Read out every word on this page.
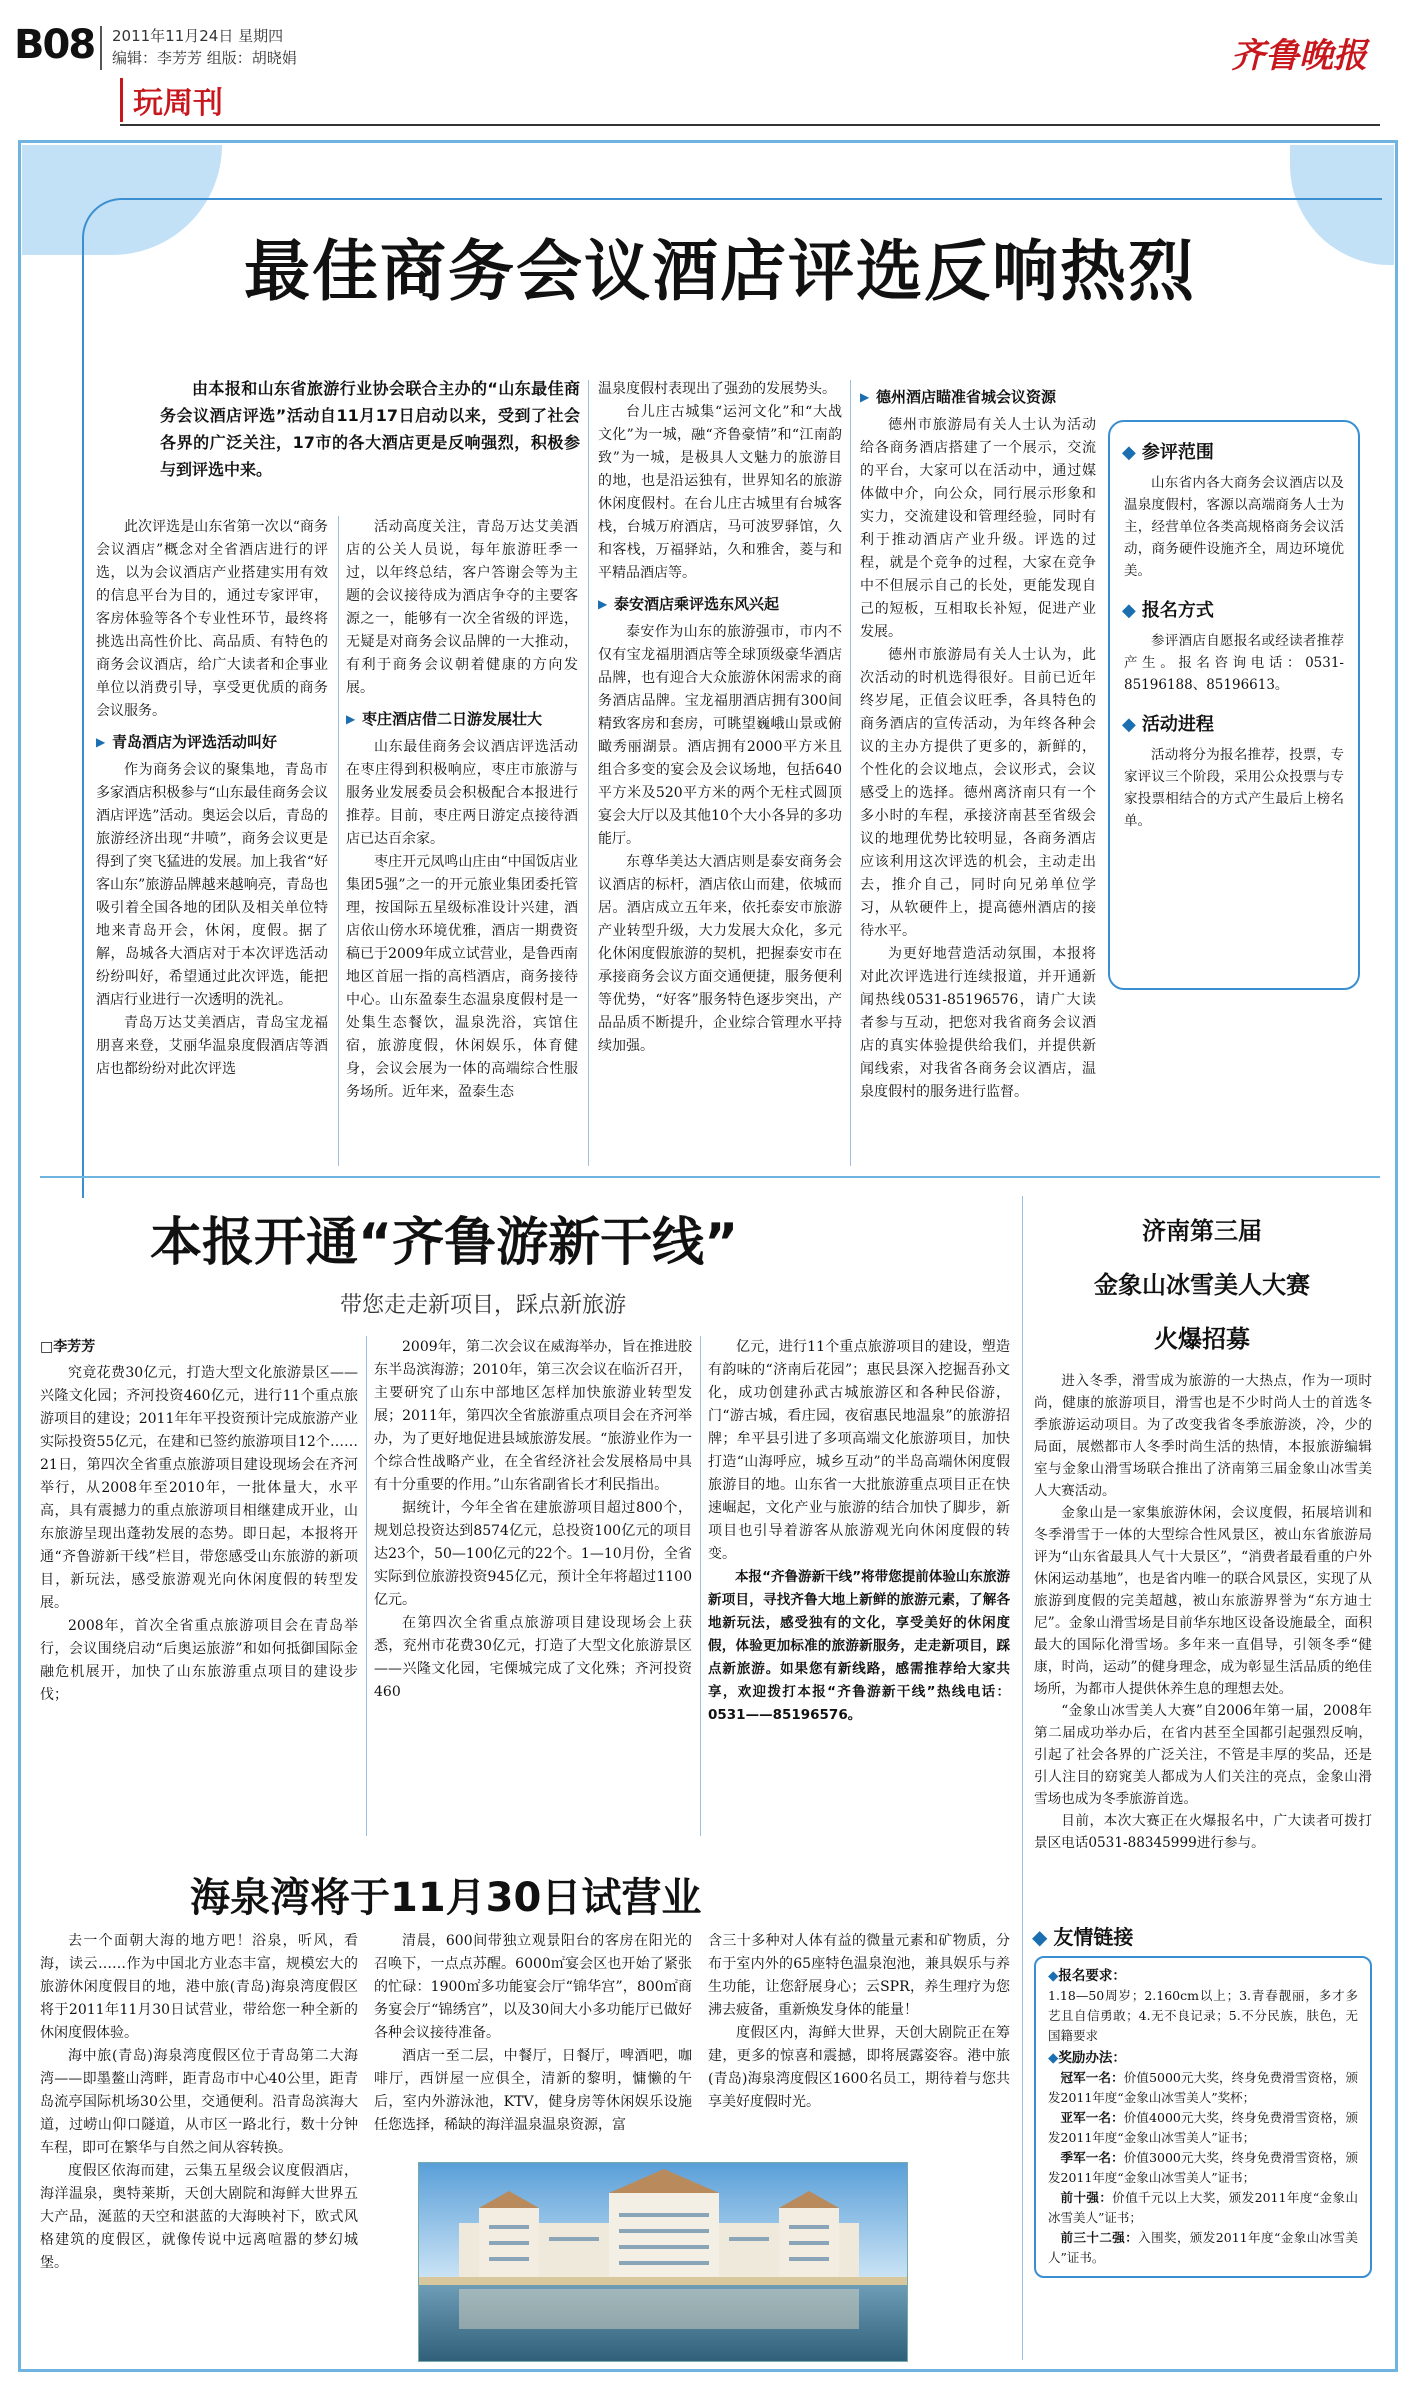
B08 2011年11月24日 星期四
编辑：李芳芳 组版：胡晓娟
玩周刊
齐鲁晚报
最佳商务会议酒店评选反响热烈

由本报和山东省旅游行业协会联合主办的“山东最佳商务会议酒店评选”活动自11月17日启动以来，受到了社会各界的广泛关注，17市的各大酒店更是反响强烈，积极参与到评选中来。

此次评选是山东省第一次以“商务会议酒店”概念对全省酒店进行的评选，以为会议酒店产业搭建实用有效的信息平台为目的，通过专家评审，客房体验等各个专业性环节，最终将挑选出高性价比、高品质、有特色的商务会议酒店，给广大读者和企事业单位以消费引导，享受更优质的商务会议服务。

▶ 青岛酒店为评选活动叫好

作为商务会议的聚集地，青岛市多家酒店积极参与“山东最佳商务会议酒店评选”活动。奥运会以后，青岛的旅游经济出现“井喷”，商务会议更是得到了突飞猛进的发展。加上我省“好客山东”旅游品牌越来越响亮，青岛也吸引着全国各地的团队及相关单位特地来青岛开会，休闲，度假。据了解，岛城各大酒店对于本次评选活动纷纷叫好，希望通过此次评选，能把酒店行业进行一次透明的洗礼。

青岛万达艾美酒店，青岛宝龙福朋喜来登，艾丽华温泉度假酒店等酒店也都纷纷对此次评选

活动高度关注，青岛万达艾美酒店的公关人员说，每年旅游旺季一过，以年终总结，客户答谢会等为主题的会议接待成为酒店争夺的主要客源之一，能够有一次全省级的评选，无疑是对商务会议品牌的一大推动，有利于商务会议朝着健康的方向发展。

▶ 枣庄酒店借二日游发展壮大

山东最佳商务会议酒店评选活动在枣庄得到积极响应，枣庄市旅游与服务业发展委员会积极配合本报进行推荐。目前，枣庄两日游定点接待酒店已达百余家。

枣庄开元凤鸣山庄由“中国饭店业集团5强”之一的开元旅业集团委托管理，按国际五星级标准设计兴建，酒店依山傍水环境优雅，酒店一期费资稿已于2009年成立试营业，是鲁西南地区首屈一指的高档酒店，商务接待中心。山东盈泰生态温泉度假村是一处集生态餐饮，温泉洗浴，宾馆住宿，旅游度假，休闲娱乐，体育健身，会议会展为一体的高端综合性服务场所。近年来，盈泰生态

温泉度假村表现出了强劲的发展势头。

台儿庄古城集“运河文化”和“大战文化”为一城，融“齐鲁豪情”和“江南韵致”为一城，是极具人文魅力的旅游目的地，也是沿运独有，世界知名的旅游休闲度假村。在台儿庄古城里有台城客栈，台城万府酒店，马可波罗驿馆，久和客栈，万福驿站，久和雅舍，菱与和平精品酒店等。

▶ 泰安酒店乘评选东风兴起

泰安作为山东的旅游强市，市内不仅有宝龙福朋酒店等全球顶级豪华酒店品牌，也有迎合大众旅游休闲需求的商务酒店品牌。宝龙福朋酒店拥有300间精致客房和套房，可眺望巍峨山景或俯瞰秀丽湖景。酒店拥有2000平方米且组合多变的宴会及会议场地，包括640平方米及520平方米的两个无柱式圆顶宴会大厅以及其他10个大小各异的多功能厅。

东尊华美达大酒店则是泰安商务会议酒店的标杆，酒店依山而建，依城而居。酒店成立五年来，依托泰安市旅游产业转型升级，大力发展大众化，多元化休闲度假旅游的契机，把握泰安市在承接商务会议方面交通便捷，服务便利等优势，“好客”服务特色逐步突出，产品品质不断提升，企业综合管理水平持续加强。

▶ 德州酒店瞄准省城会议资源

德州市旅游局有关人士认为活动给各商务酒店搭建了一个展示，交流的平台，大家可以在活动中，通过媒体做中介，向公众，同行展示形象和实力，交流建设和管理经验，同时有利于推动酒店产业升级。评选的过程，就是个竞争的过程，大家在竞争中不但展示自己的长处，更能发现自己的短板，互相取长补短，促进产业发展。

德州市旅游局有关人士认为，此次活动的时机选得很好。目前已近年终岁尾，正值会议旺季，各具特色的商务酒店的宣传活动，为年终各种会议的主办方提供了更多的，新鲜的，个性化的会议地点，会议形式，会议感受上的选择。德州离济南只有一个多小时的车程，承接济南甚至省级会议的地理优势比较明显，各商务酒店应该利用这次评选的机会，主动走出去，推介自己，同时向兄弟单位学习，从软硬件上，提高德州酒店的接待水平。

为更好地营造活动氛围，本报将对此次评选进行连续报道，并开通新闻热线0531-85196576，请广大读者参与互动，把您对我省商务会议酒店的真实体验提供给我们，并提供新闻线索，对我省各商务会议酒店，温泉度假村的服务进行监督。

◆ 参评范围

山东省内各大商务会议酒店以及温泉度假村，客源以高端商务人士为主，经营单位各类高规格商务会议活动，商务硬件设施齐全，周边环境优美。

◆ 报名方式

参评酒店自愿报名或经读者推荐产生。报名咨询电话：0531-85196188、85196613。

◆ 活动进程

活动将分为报名推荐，投票，专家评议三个阶段，采用公众投票与专家投票相结合的方式产生最后上榜名单。

本报开通“齐鲁游新干线”
带您走走新项目，踩点新旅游
□李芳芳

究竟花费30亿元，打造大型文化旅游景区——兴隆文化园；齐河投资460亿元，进行11个重点旅游项目的建设；2011年年平投资预计完成旅游产业实际投资55亿元，在建和已签约旅游项目12个……21日，第四次全省重点旅游项目建设现场会在齐河举行，从2008年至2010年，一批体量大，水平高，具有震撼力的重点旅游项目相继建成开业，山东旅游呈现出蓬勃发展的态势。即日起，本报将开通“齐鲁游新干线”栏目，带您感受山东旅游的新项目，新玩法，感受旅游观光向休闲度假的转型发展。

2008年，首次全省重点旅游项目会在青岛举行，会议围绕启动“后奥运旅游”和如何抵御国际金融危机展开，加快了山东旅游重点项目的建设步伐；

2009年，第二次会议在威海举办，旨在推进胶东半岛滨海游；2010年，第三次会议在临沂召开，主要研究了山东中部地区怎样加快旅游业转型发展；2011年，第四次全省旅游重点项目会在齐河举办，为了更好地促进县域旅游发展。“旅游业作为一个综合性战略产业，在全省经济社会发展格局中具有十分重要的作用。”山东省副省长才利民指出。

据统计，今年全省在建旅游项目超过800个，规划总投资达到8574亿元，总投资100亿元的项目达23个，50—100亿元的22个。1—10月份，全省实际到位旅游投资945亿元，预计全年将超过1100亿元。

在第四次全省重点旅游项目建设现场会上获悉，兖州市花费30亿元，打造了大型文化旅游景区——兴隆文化园，宅傈城完成了文化殊；齐河投资460

亿元，进行11个重点旅游项目的建设，塑造有韵味的“济南后花园”；惠民县深入挖掘吾孙文化，成功创建孙武古城旅游区和各种民俗游，门“游古城，看庄园，夜宿惠民地温泉”的旅游招牌；牟平县引进了多项高端文化旅游项目，加快打造“山海呼应，城乡互动”的半岛高端休闲度假旅游目的地。山东省一大批旅游重点项目正在快速崛起，文化产业与旅游的结合加快了脚步，新项目也引导着游客从旅游观光向休闲度假的转变。

本报“齐鲁游新干线”将带您提前体验山东旅游新项目，寻找齐鲁大地上新鲜的旅游元素，了解各地新玩法，感受独有的文化，享受美好的休闲度假，体验更加标准的旅游新服务，走走新项目，踩点新旅游。如果您有新线路，感需推荐给大家共享，欢迎拨打本报“齐鲁游新干线”热线电话：0531——85196576。

海泉湾将于11月30日试营业

去一个面朝大海的地方吧！浴泉，听风，看海，读云……作为中国北方业态丰富，规模宏大的旅游休闲度假目的地，港中旅(青岛)海泉湾度假区将于2011年11月30日试营业，带给您一种全新的休闲度假体验。

海中旅(青岛)海泉湾度假区位于青岛第二大海湾——即墨鳌山湾畔，距青岛市中心40公里，距青岛流亭国际机场30公里，交通便利。沿青岛滨海大道，过崂山仰口隧道，从市区一路北行，数十分钟车程，即可在繁华与自然之间从容转换。

度假区依海而建，云集五星级会议度假酒店，海洋温泉，奥特莱斯，天创大剧院和海鲜大世界五大产品，涎蓝的天空和湛蓝的大海映衬下，欧式风格建筑的度假区，就像传说中远离喧嚣的梦幻城堡。

清晨，600间带独立观景阳台的客房在阳光的召唤下，一点点苏醒。6000㎡宴会区也开始了紧张的忙碌：1900㎡多功能宴会厅“锦华宫”，800㎡商务宴会厅“锦绣宫”，以及30间大小多功能厅已做好各种会议接待准备。

酒店一至二层，中餐厅，日餐厅，啤酒吧，咖啡厅，西饼屋一应俱全，清新的黎明，慵懒的午后，室内外游泳池，KTV，健身房等休闲娱乐设施任您选择，稀缺的海洋温泉温泉资源，富

含三十多种对人体有益的微量元素和矿物质，分布于室内外的65座特色温泉泡池，兼具娱乐与养生功能，让您舒展身心；云SPR，养生理疗为您沸去疲备，重新焕发身体的能量！

度假区内，海鲜大世界，天创大剧院正在筹建，更多的惊喜和震撼，即将展露姿容。港中旅(青岛)海泉湾度假区1600名员工，期待着与您共享美好度假时光。

济南第三届
金象山冰雪美人大赛
火爆招募

进入冬季，滑雪成为旅游的一大热点，作为一项时尚，健康的旅游项目，滑雪也是不少时尚人士的首选冬季旅游运动项目。为了改变我省冬季旅游淡，冷，少的局面，展燃都市人冬季时尚生活的热情，本报旅游编辑室与金象山滑雪场联合推出了济南第三届金象山冰雪美人大赛活动。

金象山是一家集旅游休闲，会议度假，拓展培训和冬季滑雪于一体的大型综合性风景区，被山东省旅游局评为“山东省最具人气十大景区”，“消费者最看重的户外休闲运动基地”，也是省内唯一的联合风景区，实现了从旅游到度假的完美超越，被山东旅游界誉为“东方迪士尼”。金象山滑雪场是目前华东地区设备设施最全，面积最大的国际化滑雪场。多年来一直倡导，引领冬季“健康，时尚，运动”的健身理念，成为彰显生活品质的绝佳场所，为都市人提供休养生息的理想去处。

“金象山冰雪美人大赛”自2006年第一届，2008年第二届成功举办后，在省内甚至全国都引起强烈反响，引起了社会各界的广泛关注，不管是丰厚的奖品，还是引人注目的窈窕美人都成为人们关注的亮点，金象山滑雪场也成为冬季旅游首选。

目前，本次大赛正在火爆报名中，广大读者可拨打景区电话0531-88345999进行参与。

◆ 友情链接
◆报名要求：

1.18—50周岁；2.160cm以上；3.青春靓丽，多才多艺且自信勇敢；4.无不良记录；5.不分民族，肤色，无国籍要求

◆奖励办法：

冠军一名：价值5000元大奖，终身免费滑雪资格，颁发2011年度“金象山冰雪美人”奖杯；

亚军一名：价值4000元大奖，终身免费滑雪资格，颁发2011年度“金象山冰雪美人”证书；

季军一名：价值3000元大奖，终身免费滑雪资格，颁发2011年度“金象山冰雪美人”证书；

前十强：价值千元以上大奖，颁发2011年度“金象山冰雪美人”证书；

前三十二强：入围奖，颁发2011年度“金象山冰雪美人”证书。
